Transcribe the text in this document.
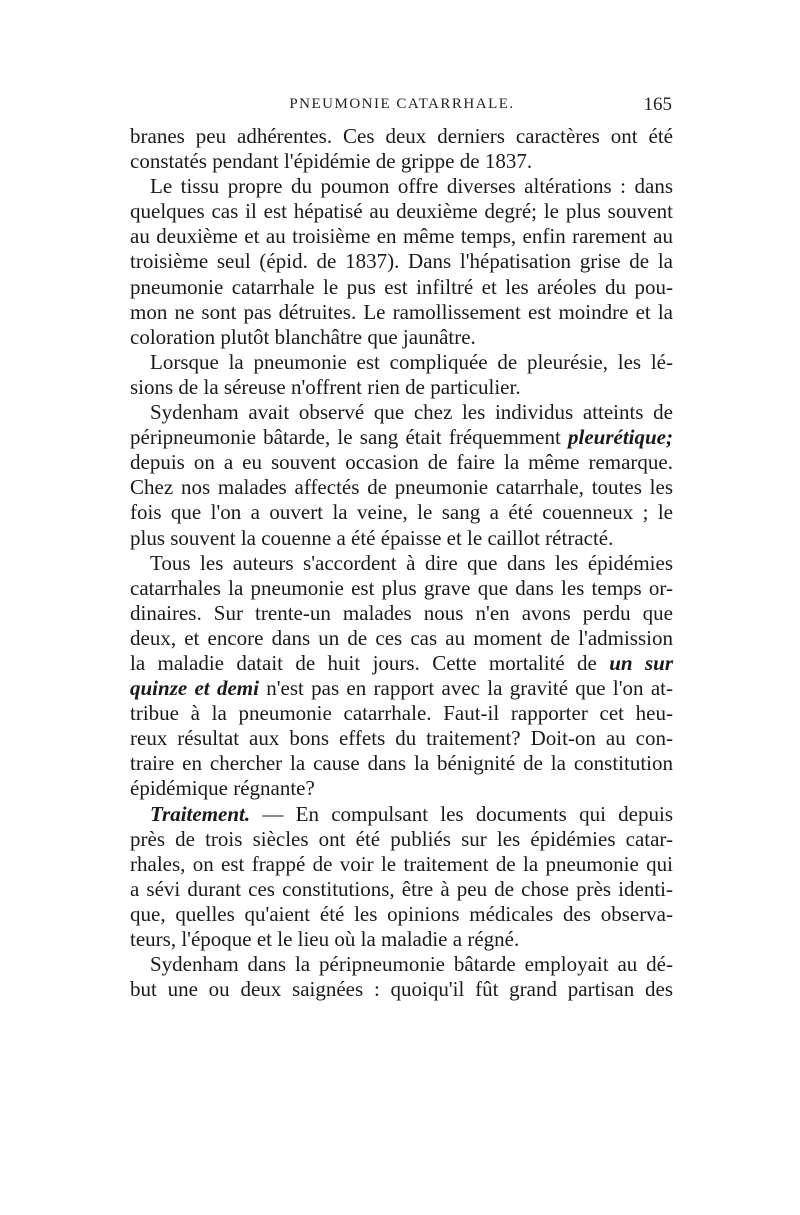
PNEUMONIE CATARRHALE.	165

branes peu adhérentes. Ces deux derniers caractères ont été
constatés pendant l'épidémie de grippe de 1837.

Le tissu propre du poumon offre diverses altérations : dans
quelques cas il est hépatisé au deuxième degré; le plus souvent
au deuxième et au troisième en même temps, enfin rarement au
troisième seul (épid. de 1837). Dans l'hépatisation grise de la
pneumonie catarrhale le pus est infiltré et les aréoles du pou-
mon ne sont pas détruites. Le ramollissement est moindre et la
coloration plutôt blanchâtre que jaunâtre.

Lorsque la pneumonie est compliquée de pleurésie, les lé-
sions de la séreuse n'offrent rien de particulier.

Sydenham avait observé que chez les individus atteints de
péripneumonie bâtarde, le sang était fréquemment pleurétique;
depuis on a eu souvent occasion de faire la même remarque.
Chez nos malades affectés de pneumonie catarrhale, toutes les
fois que l'on a ouvert la veine, le sang a été couenneux ; le
plus souvent la couenne a été épaisse et le caillot rétracté.

Tous les auteurs s'accordent à dire que dans les épidémies
catarrhales la pneumonie est plus grave que dans les temps or-
dinaires. Sur trente-un malades nous n'en avons perdu que
deux, et encore dans un de ces cas au moment de l'admission
la maladie datait de huit jours. Cette mortalité de un sur
quinze et demi n'est pas en rapport avec la gravité que l'on at-
tribue à la pneumonie catarrhale. Faut-il rapporter cet heu-
reux résultat aux bons effets du traitement? Doit-on au con-
traire en chercher la cause dans la bénignité de la constitution
épidémique régnante?

Traitement. — En compulsant les documents qui depuis
près de trois siècles ont été publiés sur les épidémies catar-
rhales, on est frappé de voir le traitement de la pneumonie qui
a sévi durant ces constitutions, être à peu de chose près identi-
que, quelles qu'aient été les opinions médicales des observa-
teurs, l'époque et le lieu où la maladie a régné.

Sydenham dans la péripneumonie bâtarde employait au dé-
but une ou deux saignées : quoiqu'il fût grand partisan des
